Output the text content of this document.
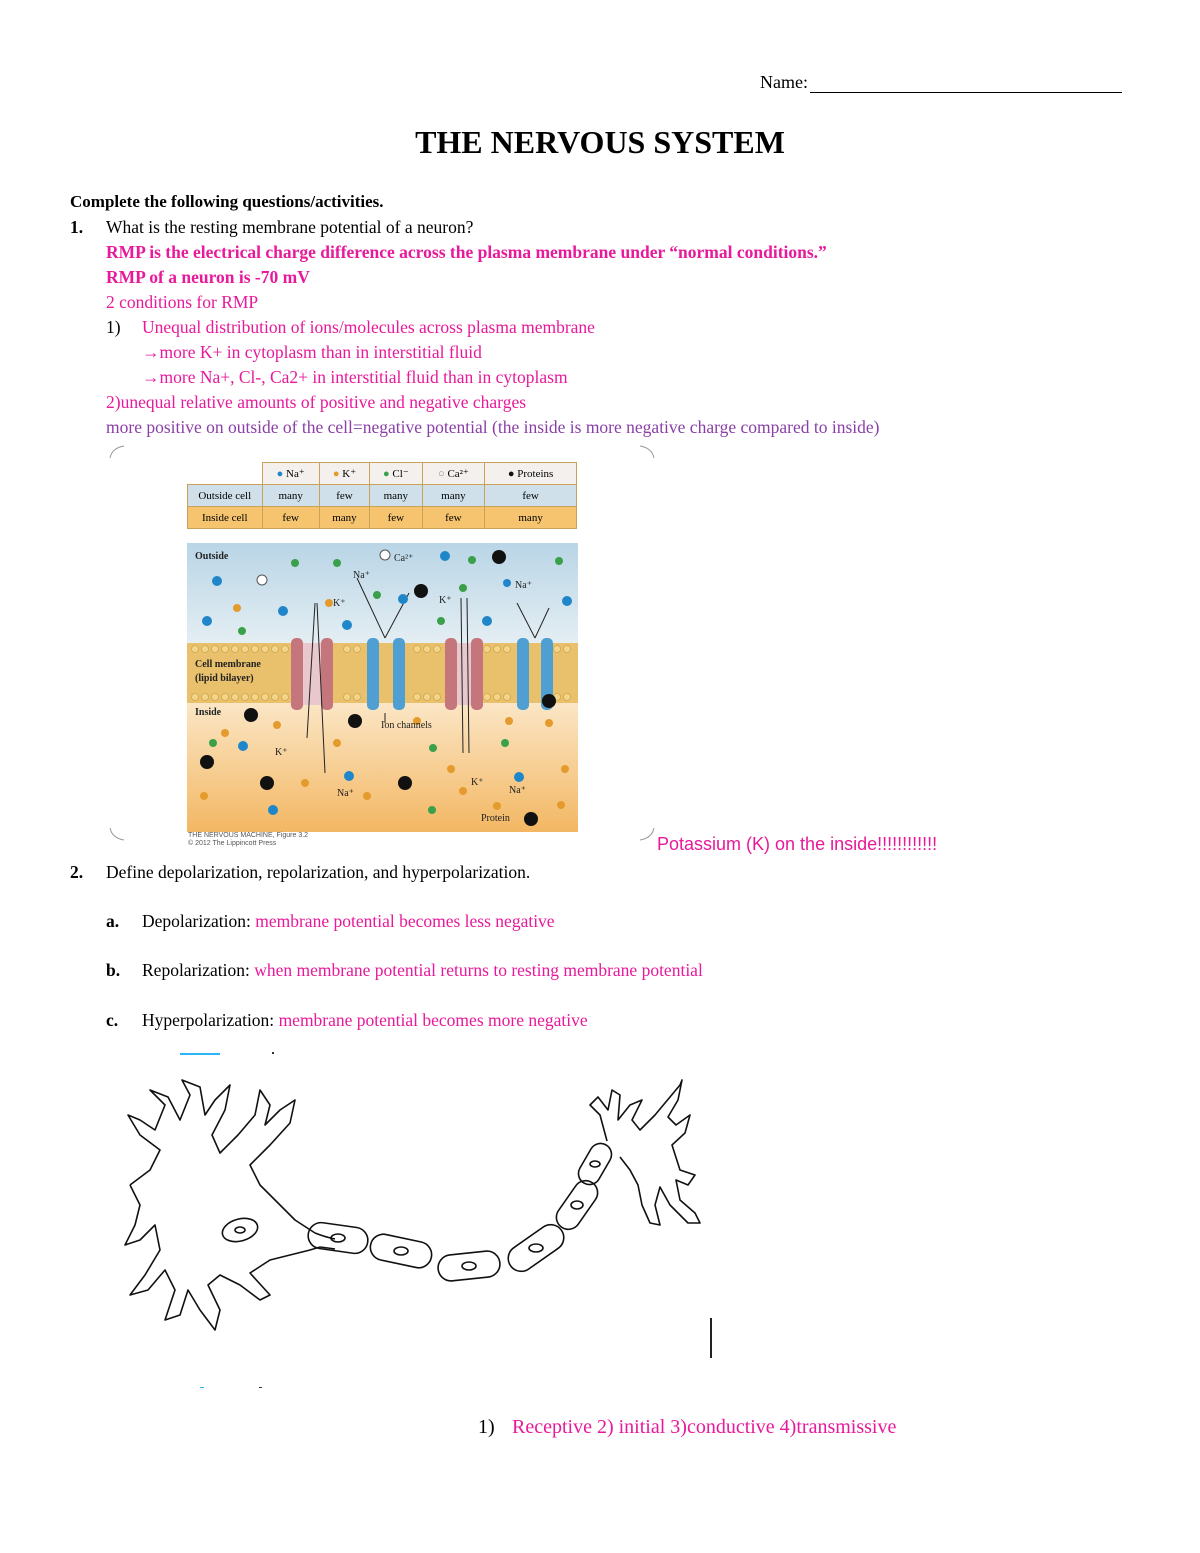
Name:
THE NERVOUS SYSTEM
Complete the following questions/activities.
1. What is the resting membrane potential of a neuron?
RMP is the electrical charge difference across the plasma membrane under “normal conditions.”
RMP of a neuron is -70 mV
2 conditions for RMP
1) Unequal distribution of ions/molecules across plasma membrane
→more K+ in cytoplasm than in interstitial fluid
→more Na+, Cl-, Ca2+ in interstitial fluid than in cytoplasm
2)unequal relative amounts of positive and negative charges
more positive on outside of the cell=negative potential (the inside is more negative charge compared to inside)
	● Na⁺	● K⁺	● Cl⁻	○ Ca²⁺	● Proteins
Outside cell	many	few	many	many	few
Inside cell	few	many	few	few	many
Outside	Ca²⁺
Na⁺
K⁺	K⁺
Na⁺
Cell membrane
(lipid bilayer)
Inside
Ion channels
K⁺
Na⁺
K⁺
Na⁺
Protein
THE NERVOUS MACHINE, Figure 3.2
© 2012 The Lippincott Press	Potassium (K) on the inside!!!!!!!!!!!!
2. Define depolarization, repolarization, and hyperpolarization.
a. Depolarization: membrane potential becomes less negative
b. Repolarization: when membrane potential returns to resting membrane potential
c. Hyperpolarization: membrane potential becomes more negative
1) Receptive 2) initial 3)conductive 4)transmissive
